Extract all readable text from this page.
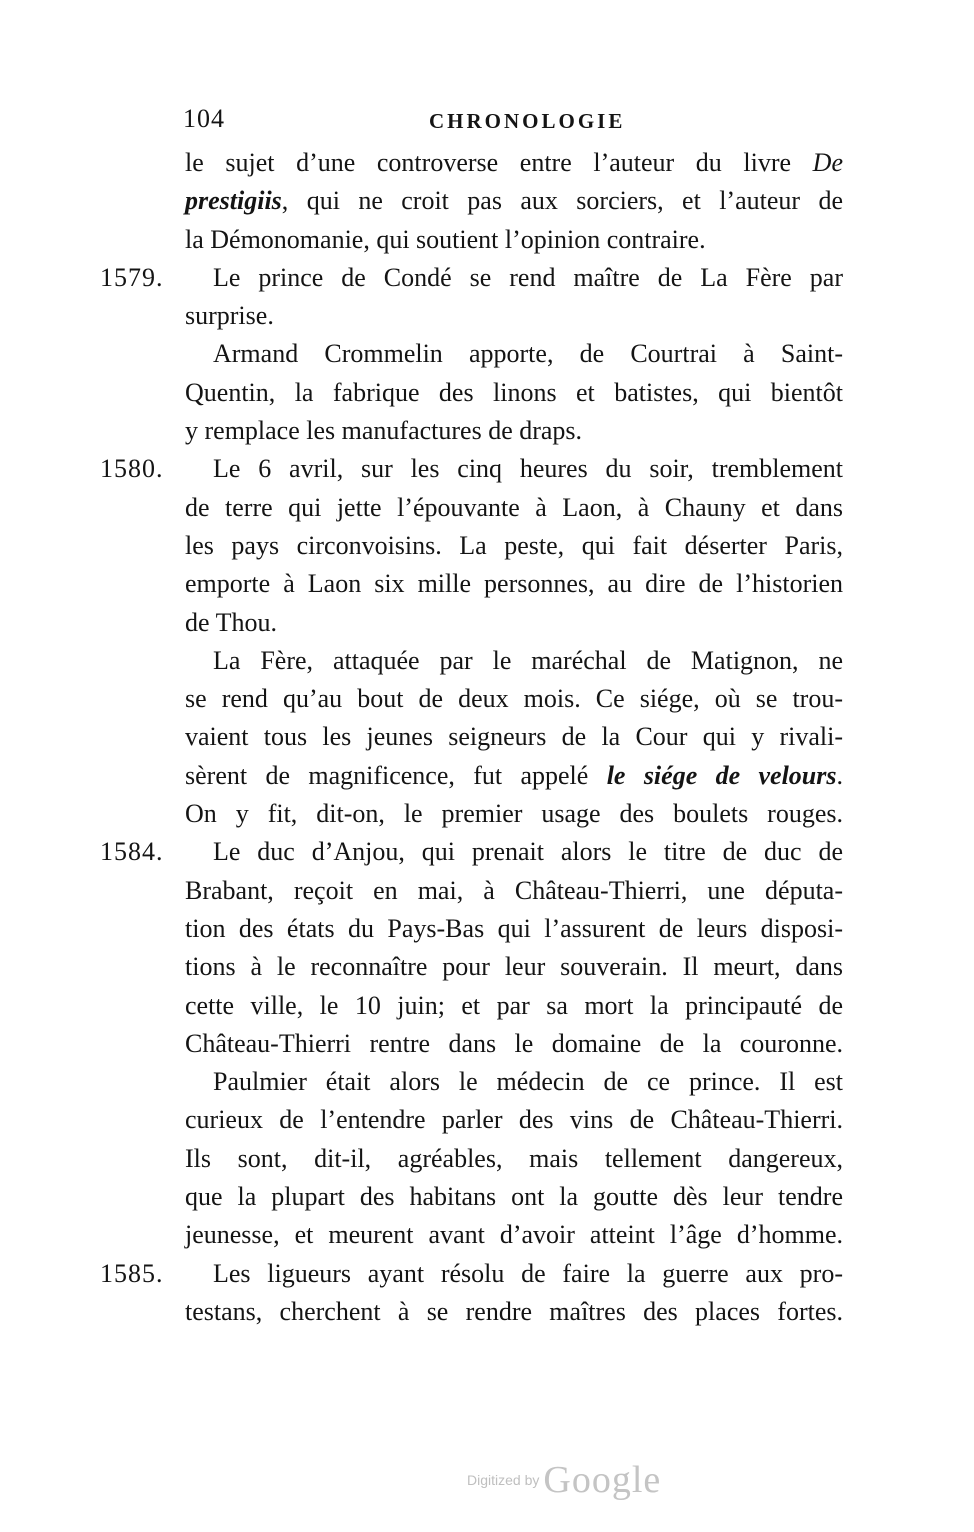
104	CHRONOLOGIE
le sujet d’une controverse entre l’auteur du livre De
prestigiis, qui ne croit pas aux sorciers, et l’auteur de
la Démonomanie, qui soutient l’opinion contraire.
1579. Le prince de Condé se rend maître de La Fère par
surprise.
Armand Crommelin apporte, de Courtrai à Saint-
Quentin, la fabrique des linons et batistes, qui bientôt
y remplace les manufactures de draps.
1580. Le 6 avril, sur les cinq heures du soir, tremblement
de terre qui jette l’épouvante à Laon, à Chauny et dans
les pays circonvoisins. La peste, qui fait déserter Paris,
emporte à Laon six mille personnes, au dire de l’historien
de Thou.
La Fère, attaquée par le maréchal de Matignon, ne
se rend qu’au bout de deux mois. Ce siége, où se trou-
vaient tous les jeunes seigneurs de la Cour qui y rivali-
sèrent de magnificence, fut appelé le siége de velours.
On y fit, dit-on, le premier usage des boulets rouges.
1584. Le duc d’Anjou, qui prenait alors le titre de duc de
Brabant, reçoit en mai, à Château-Thierri, une députa-
tion des états du Pays-Bas qui l’assurent de leurs disposi-
tions à le reconnaître pour leur souverain. Il meurt, dans
cette ville, le 10 juin; et par sa mort la principauté de
Château-Thierri rentre dans le domaine de la couronne.
Paulmier était alors le médecin de ce prince. Il est
curieux de l’entendre parler des vins de Château-Thierri.
Ils sont, dit-il, agréables, mais tellement dangereux,
que la plupart des habitans ont la goutte dès leur tendre
jeunesse, et meurent avant d’avoir atteint l’âge d’homme.
1585. Les ligueurs ayant résolu de faire la guerre aux pro-
testans, cherchent à se rendre maîtres des places fortes.
Digitized by Google
